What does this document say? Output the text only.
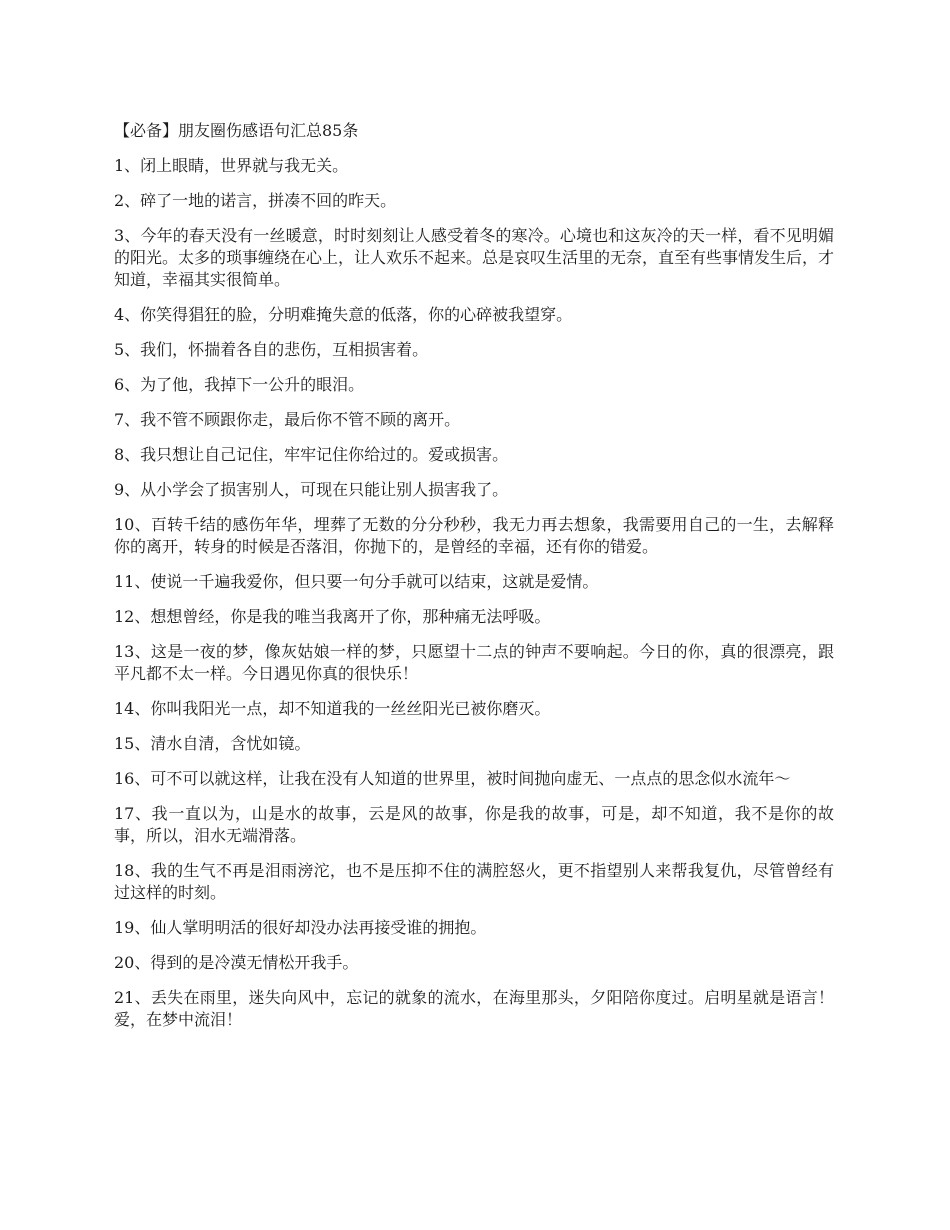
【必备】朋友圈伤感语句汇总85条

1、闭上眼睛，世界就与我无关。

2、碎了一地的诺言，拼凑不回的昨天。

3、今年的春天没有一丝暖意，时时刻刻让人感受着冬的寒冷。心境也和这灰冷的天一样，看不见明媚的阳光。太多的琐事缠绕在心上，让人欢乐不起来。总是哀叹生活里的无奈，直至有些事情发生后，才知道，幸福其实很简单。

4、你笑得猖狂的脸，分明难掩失意的低落，你的心碎被我望穿。

5、我们，怀揣着各自的悲伤，互相损害着。

6、为了他，我掉下一公升的眼泪。

7、我不管不顾跟你走，最后你不管不顾的离开。

8、我只想让自己记住，牢牢记住你给过的。爱或损害。

9、从小学会了损害别人，可现在只能让别人损害我了。

10、百转千结的感伤年华，埋葬了无数的分分秒秒，我无力再去想象，我需要用自己的一生，去解释你的离开，转身的时候是否落泪，你抛下的，是曾经的幸福，还有你的错爱。

11、使说一千遍我爱你，但只要一句分手就可以结束，这就是爱情。

12、想想曾经，你是我的唯当我离开了你，那种痛无法呼吸。

13、这是一夜的梦，像灰姑娘一样的梦，只愿望十二点的钟声不要响起。今日的你，真的很漂亮，跟平凡都不太一样。今日遇见你真的很快乐！

14、你叫我阳光一点，却不知道我的一丝丝阳光已被你磨灭。

15、清水自清，含忧如镜。

16、可不可以就这样，让我在没有人知道的世界里，被时间抛向虚无、一点点的思念似水流年～

17、我一直以为，山是水的故事，云是风的故事，你是我的故事，可是，却不知道，我不是你的故事，所以，泪水无端滑落。

18、我的生气不再是泪雨滂沱，也不是压抑不住的满腔怒火，更不指望别人来帮我复仇，尽管曾经有过这样的时刻。

19、仙人掌明明活的很好却没办法再接受谁的拥抱。

20、得到的是冷漠无情松开我手。

21、丢失在雨里，迷失向风中，忘记的就象的流水，在海里那头，夕阳陪你度过。启明星就是语言！爱，在梦中流泪！
